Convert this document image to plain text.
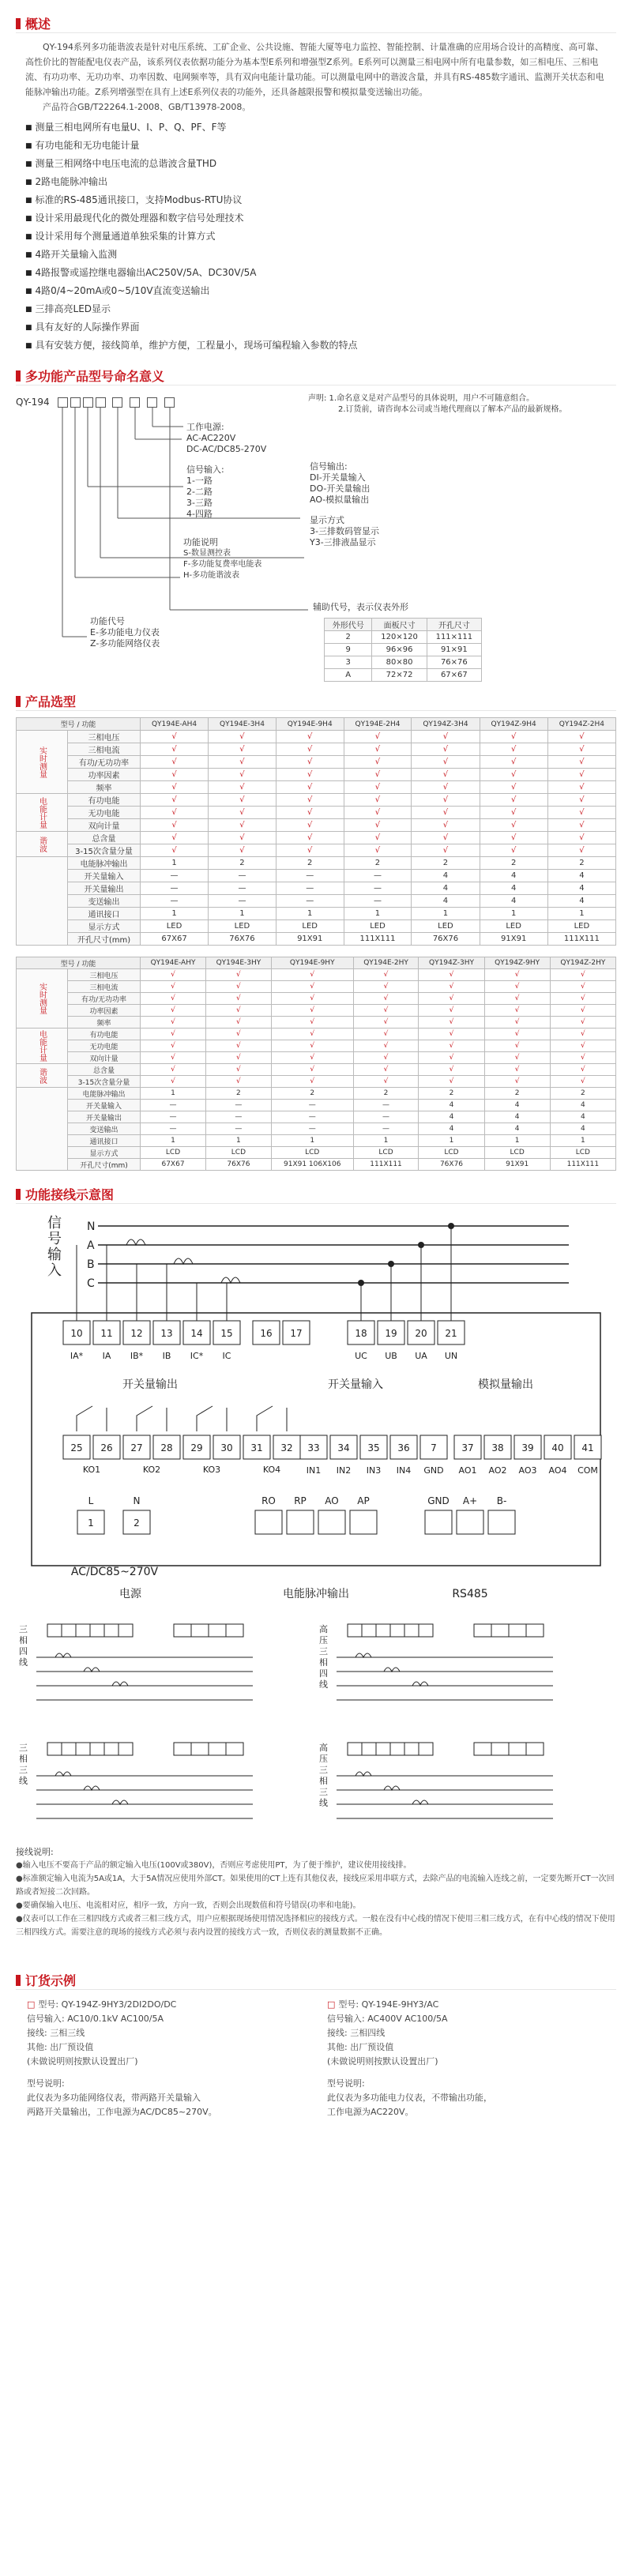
概述

QY-194系列多功能谐波表是针对电压系统、工矿企业、公共设施、智能大厦等电力监控、智能控制、计量准确的应用场合设计的高精度、高可靠、高性价比的智能配电仪表产品，该系列仪表依据功能分为基本型E系列和增强型Z系列。E系列可以测量三相电网中所有电量参数，如三相电压、三相电流、有功功率、无功功率、功率因数、电网频率等，具有双向电能计量功能。可以测量电网中的谐波含量，并具有RS-485数字通讯、监测开关状态和电能脉冲输出功能。Z系列增强型在具有上述E系列仪表的功能外，还具备越限报警和模拟量变送输出功能。

产品符合GB/T22264.1-2008、GB/T13978-2008。

■ 测量三相电网所有电量U、I、P、Q、PF、F等
■ 有功电能和无功电能计量
■ 测量三相网络中电压电流的总谐波含量THD
■ 2路电能脉冲输出
■ 标准的RS-485通讯接口，支持Modbus-RTU协议
■ 设计采用最现代化的微处理器和数字信号处理技术
■ 设计采用每个测量通道单独采集的计算方式
■ 4路开关量输入监测
■ 4路报警或遥控继电器输出AC250V/5A、DC30V/5A
■ 4路0/4~20mA或0~5/10V直流变送输出
■ 三排高亮LED显示
■ 具有友好的人际操作界面
■ 具有安装方便，接线简单，维护方便，工程量小，现场可编程输入参数的特点
多功能产品型号命名意义
QY-194	声明: 1.命名意义是对产品型号的具体说明，用户不可随意组合。
2.订货前，请咨询本公司或当地代理商以了解本产品的最新规格。
工作电源:
AC-AC220V
DC-AC/DC85-270V
信号输入:
1-一路
2-二路
3-三路
4-四路
功能说明
S-数显测控表
F-多功能复费率电能表
H-多功能谐波表
功能代号
E-多功能电力仪表
Z-多功能网络仪表
信号输出:
DI-开关量输入
DO-开关量输出
AO-模拟量输出
显示方式
3-三排数码管显示
Y3-三排液晶显示
辅助代号，表示仪表外形
外形代号	面板尺寸	开孔尺寸
2	120×120	111×111
9	96×96	91×91
3	80×80	76×76
A	72×72	67×67
产品选型
型号 / 功能		QY194E-AH4	QY194E-3H4	QY194E-9H4	QY194E-2H4	QY194Z-3H4	QY194Z-9H4	QY194Z-2H4
实时测量	三相电压	√	√	√	√	√	√	√
	三相电流	√	√	√	√	√	√	√
	有功/无功功率	√	√	√	√	√	√	√
	功率因素	√	√	√	√	√	√	√
	频率	√	√	√	√	√	√	√
电能计量	有功电能	√	√	√	√	√	√	√
	无功电能	√	√	√	√	√	√	√
	双向计量	√	√	√	√	√	√	√
谐波	总含量	√	√	√	√	√	√	√
	3-15次含量分量	√	√	√	√	√	√	√
	电能脉冲输出	1	2	2	2	2	2	2
	开关量输入	—	—	—	—	4	4	4
	开关量输出	—	—	—	—	4	4	4
	变送输出	—	—	—	—	4	4	4
	通讯接口	1	1	1	1	1	1	1
	显示方式	LED	LED	LED	LED	LED	LED	LED
	开孔尺寸(mm)	67X67	76X76	91X91	111X111	76X76	91X91	111X111
型号 / 功能		QY194E-AHY	QY194E-3HY	QY194E-9HY	QY194E-2HY	QY194Z-3HY	QY194Z-9HY	QY194Z-2HY
实时测量	三相电压	√	√	√	√	√	√	√
	三相电流	√	√	√	√	√	√	√
	有功/无功功率	√	√	√	√	√	√	√
	功率因素	√	√	√	√	√	√	√
	频率	√	√	√	√	√	√	√
电能计量	有功电能	√	√	√	√	√	√	√
	无功电能	√	√	√	√	√	√	√
	双向计量	√	√	√	√	√	√	√
谐波	总含量	√	√	√	√	√	√	√
	3-15次含量分量	√	√	√	√	√	√	√
	电能脉冲输出	1	2	2	2	2	2	2
	开关量输入	—	—	—	—	4	4	4
	开关量输出	—	—	—	—	4	4	4
	变送输出	—	—	—	—	4	4	4
	通讯接口	1	1	1	1	1	1	1
	显示方式	LCD	LCD	LCD	LCD	LCD	LCD	LCD
	开孔尺寸(mm)	67X67	76X76	91X91 106X106	111X111	76X76	91X91	111X111
功能接线示意图
信
号
输
入
N
A
B
C
10
IA*
11
IA
12
IB*
13
IB
14
IC*
15
IC
16 17	18
UC
19
UB
20
UA
21
UN
开关量输出	开关量输入	模拟量输出
25 26 27 28 29 30 31 32
KO1	KO2	KO3	KO4
33
IN1
34
IN2
35
IN3
36
IN4
7
GND
37
AO1
38
AO2
39
AO3
40
AO4
41
COM
L
1
N
2
RO RP AO AP	GND A+ B-
AC/DC85~270V
电源	电能脉冲输出	RS485
三
相
四
线
高
压
三
相
四
线
三
相
三
线
高
压
三
相
三
线
接线说明:
●输入电压不要高于产品的额定输入电压(100V或380V)，否则应考虑使用PT，为了便于维护，建议使用接线排。
●标准额定输入电流为5A或1A，大于5A情况应使用外部CT。如果使用的CT上连有其他仪表，接线应采用串联方式，去除产品的电流输入连线之前，一定要先断开CT一次回路或者短接二次回路。
●要确保输入电压、电流相对应，相序一致，方向一致，否则会出现数值和符号错误(功率和电能)。
●仪表可以工作在三相四线方式或者三相三线方式，用户应根据现场使用情况选择相应的接线方式。一般在没有中心线的情况下使用三相三线方式，在有中心线的情况下使用三相四线方式。需要注意的现场的接线方式必须与表内设置的接线方式一致，否则仪表的测量数据不正确。
订货示例
□ 型号: QY-194Z-9HY3/2DI2DO/DC
信号输入: AC10/0.1kV AC100/5A
接线: 三相三线
其他: 出厂预设值
(未做说明则按默认设置出厂)
型号说明:
此仪表为多功能网络仪表，带两路开关量输入
两路开关量输出，工作电源为AC/DC85~270V。
□ 型号: QY-194E-9HY3/AC
信号输入: AC400V AC100/5A
接线: 三相四线
其他: 出厂预设值
(未做说明则按默认设置出厂)
型号说明:
此仪表为多功能电力仪表，不带输出功能，
工作电源为AC220V。
